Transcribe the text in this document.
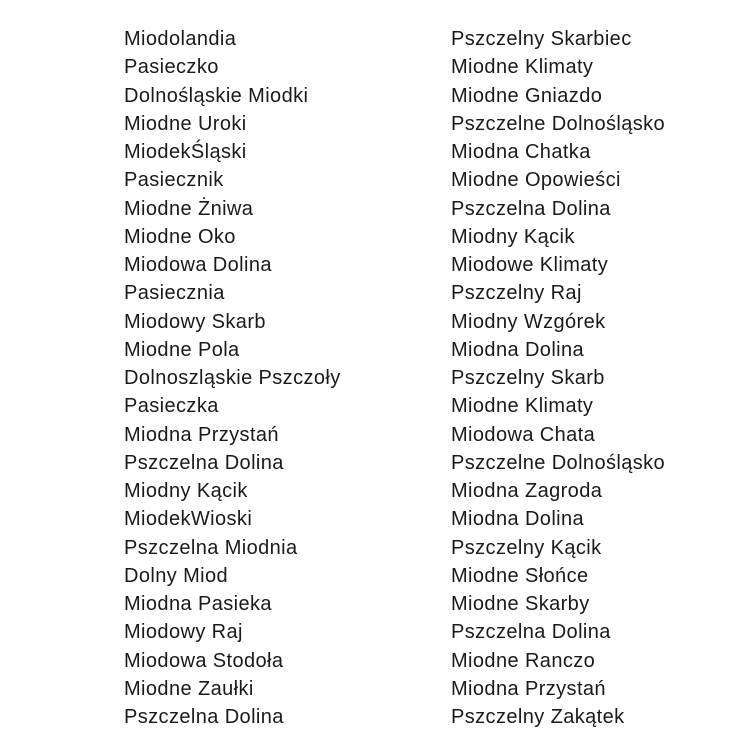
Miodolandia
Pasieczko
Dolnośląskie Miodki
Miodne Uroki
MiodekŚląski
Pasiecznik
Miodne Żniwa
Miodne Oko
Miodowa Dolina
Pasiecznia
Miodowy Skarb
Miodne Pola
Dolnoszląskie Pszczoły
Pasieczka
Miodna Przystań
Pszczelna Dolina
Miodny Kącik
MiodekWioski
Pszczelna Miodnia
Dolny Miod
Miodna Pasieka
Miodowy Raj
Miodowa Stodoła
Miodne Zaułki
Pszczelna Dolina
Pszczelny Skarbiec
Miodne Klimaty
Miodne Gniazdo
Pszczelne Dolnośląsko
Miodna Chatka
Miodne Opowieści
Pszczelna Dolina
Miodny Kącik
Miodowe Klimaty
Pszczelny Raj
Miodny Wzgórek
Miodna Dolina
Pszczelny Skarb
Miodne Klimaty
Miodowa Chata
Pszczelne Dolnośląsko
Miodna Zagroda
Miodna Dolina
Pszczelny Kącik
Miodne Słońce
Miodne Skarby
Pszczelna Dolina
Miodne Ranczo
Miodna Przystań
Pszczelny Zakątek
